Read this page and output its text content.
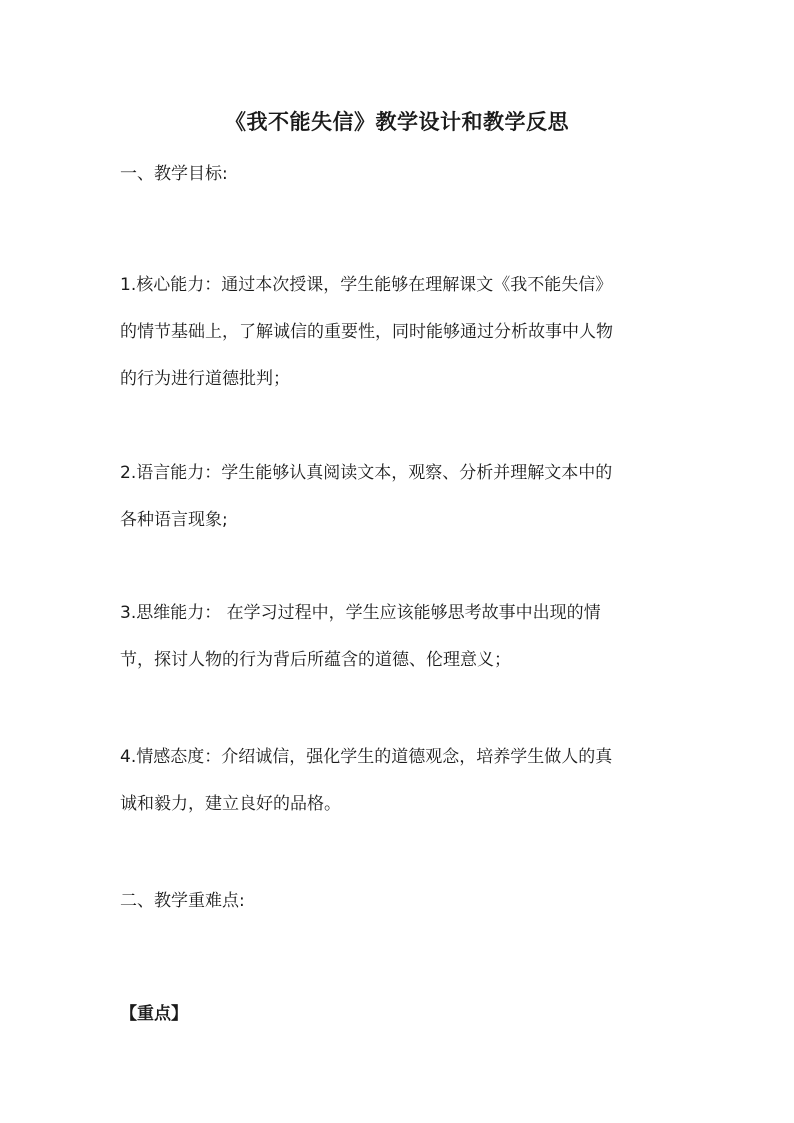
《我不能失信》教学设计和教学反思
一、教学目标:
1.核心能力：通过本次授课，学生能够在理解课文《我不能失信》
的情节基础上，了解诚信的重要性，同时能够通过分析故事中人物
的行为进行道德批判；
2.语言能力：学生能够认真阅读文本，观察、分析并理解文本中的
各种语言现象;
3.思维能力： 在学习过程中，学生应该能够思考故事中出现的情
节，探讨人物的行为背后所蕴含的道德、伦理意义；
4.情感态度：介绍诚信，强化学生的道德观念，培养学生做人的真
诚和毅力，建立良好的品格。
二、教学重难点:
【重点】
